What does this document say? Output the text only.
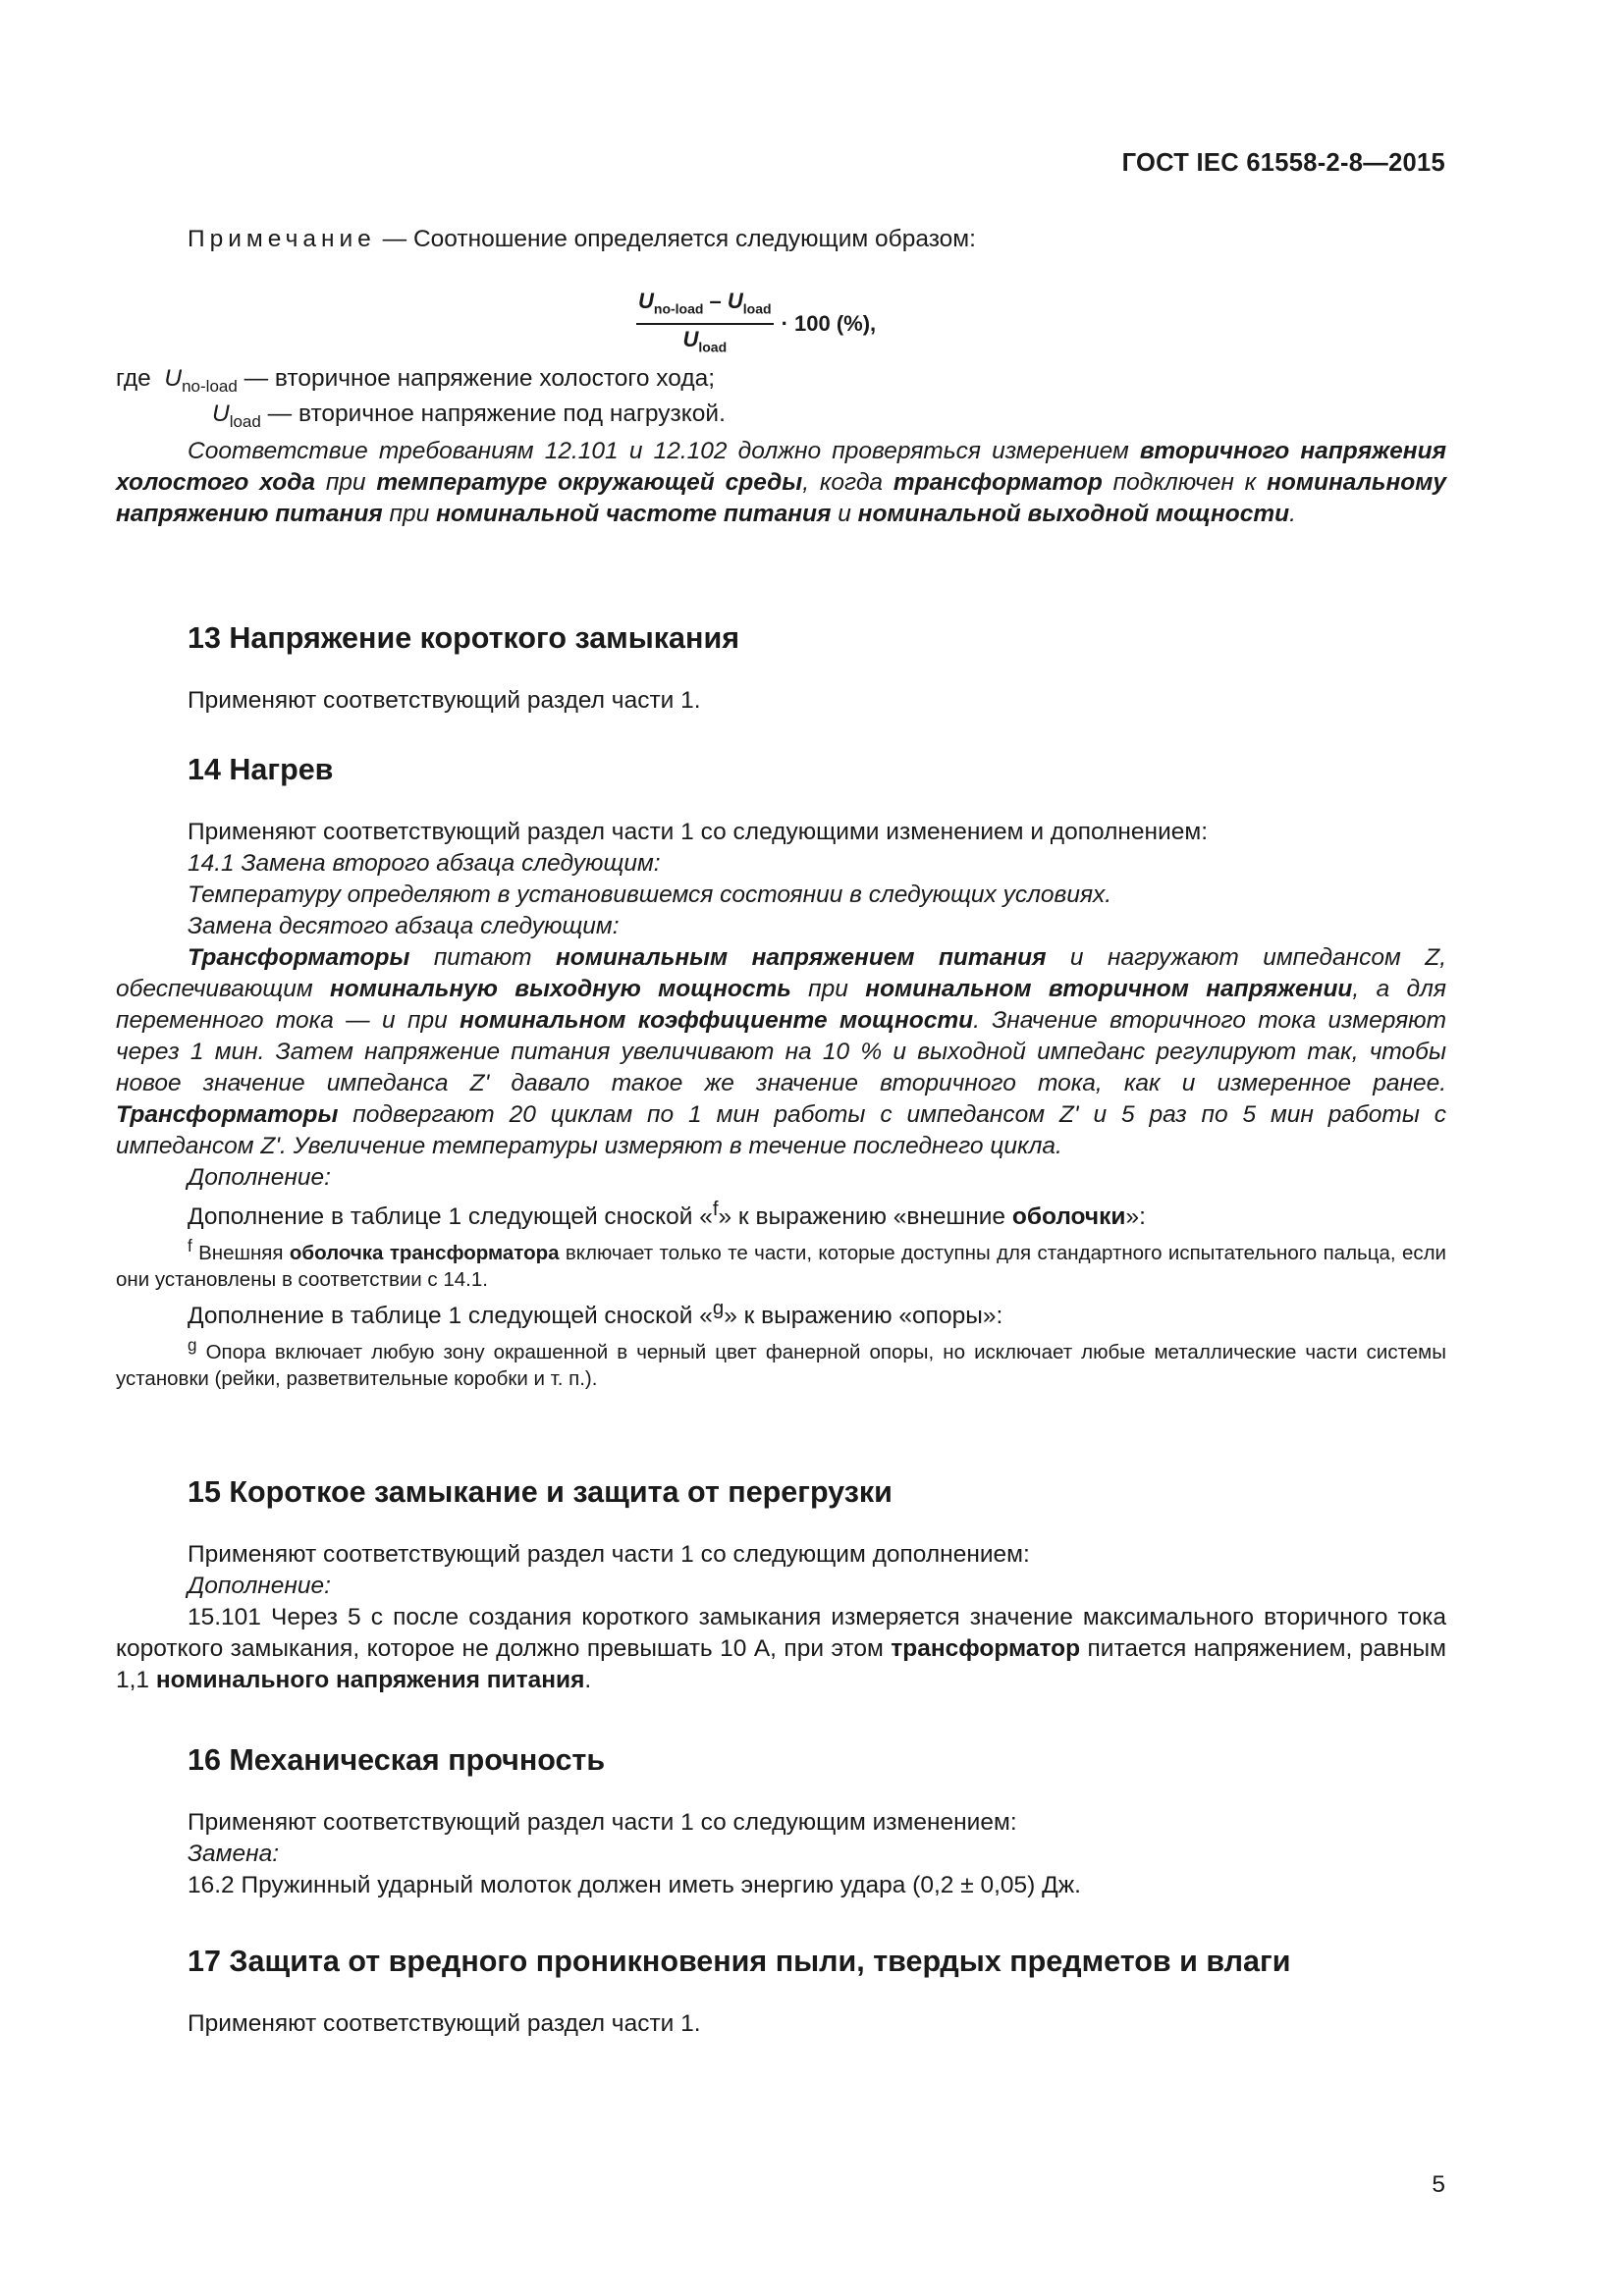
ГОСТ IEC 61558-2-8—2015
Примечание — Соотношение определяется следующим образом:
$\frac{U_{no-load} - U_{load}}{U_{load}} \cdot 100$ (%),
где $U_{no-load}$ — вторичное напряжение холостого хода;
$U_{load}$ — вторичное напряжение под нагрузкой.

Соответствие требованиям 12.101 и 12.102 должно проверяться измерением вторичного напряжения холостого хода при температуре окружающей среды, когда трансформатор подключен к номинальному напряжению питания при номинальной частоте питания и номинальной выходной мощности.

13 Напряжение короткого замыкания

Применяют соответствующий раздел части 1.

14 Нагрев

Применяют соответствующий раздел части 1 со следующими изменением и дополнением:

14.1 Замена второго абзаца следующим:

Температуру определяют в установившемся состоянии в следующих условиях.

Замена десятого абзаца следующим:

Трансформаторы питают номинальным напряжением питания и нагружают импедансом Z, обеспечивающим номинальную выходную мощность при номинальном вторичном напряжении, а для переменного тока — и при номинальном коэффициенте мощности. Значение вторичного тока измеряют через 1 мин. Затем напряжение питания увеличивают на 10 % и выходной импеданс регулируют так, чтобы новое значение импеданса Z' давало такое же значение вторичного тока, как и измеренное ранее. Трансформаторы подвергают 20 циклам по 1 мин работы с импедансом Z' и 5 раз по 5 мин работы с импедансом Z'. Увеличение температуры измеряют в течение последнего цикла.

Дополнение:

Дополнение в таблице 1 следующей сноской «$^f$» к выражению «внешние оболочки»:

$^f$ Внешняя оболочка трансформатора включает только те части, которые доступны для стандартного испытательного пальца, если они установлены в соответствии с 14.1.

Дополнение в таблице 1 следующей сноской «$^g$» к выражению «опоры»:

$^g$ Опора включает любую зону окрашенной в черный цвет фанерной опоры, но исключает любые металлические части системы установки (рейки, разветвительные коробки и т. п.).

15 Короткое замыкание и защита от перегрузки

Применяют соответствующий раздел части 1 со следующим дополнением:

Дополнение:

15.101 Через 5 с после создания короткого замыкания измеряется значение максимального вторичного тока короткого замыкания, которое не должно превышать 10 А, при этом трансформатор питается напряжением, равным 1,1 номинального напряжения питания.

16 Механическая прочность

Применяют соответствующий раздел части 1 со следующим изменением:

Замена:

16.2 Пружинный ударный молоток должен иметь энергию удара (0,2 ± 0,05) Дж.

17 Защита от вредного проникновения пыли, твердых предметов и влаги

Применяют соответствующий раздел части 1.

5
